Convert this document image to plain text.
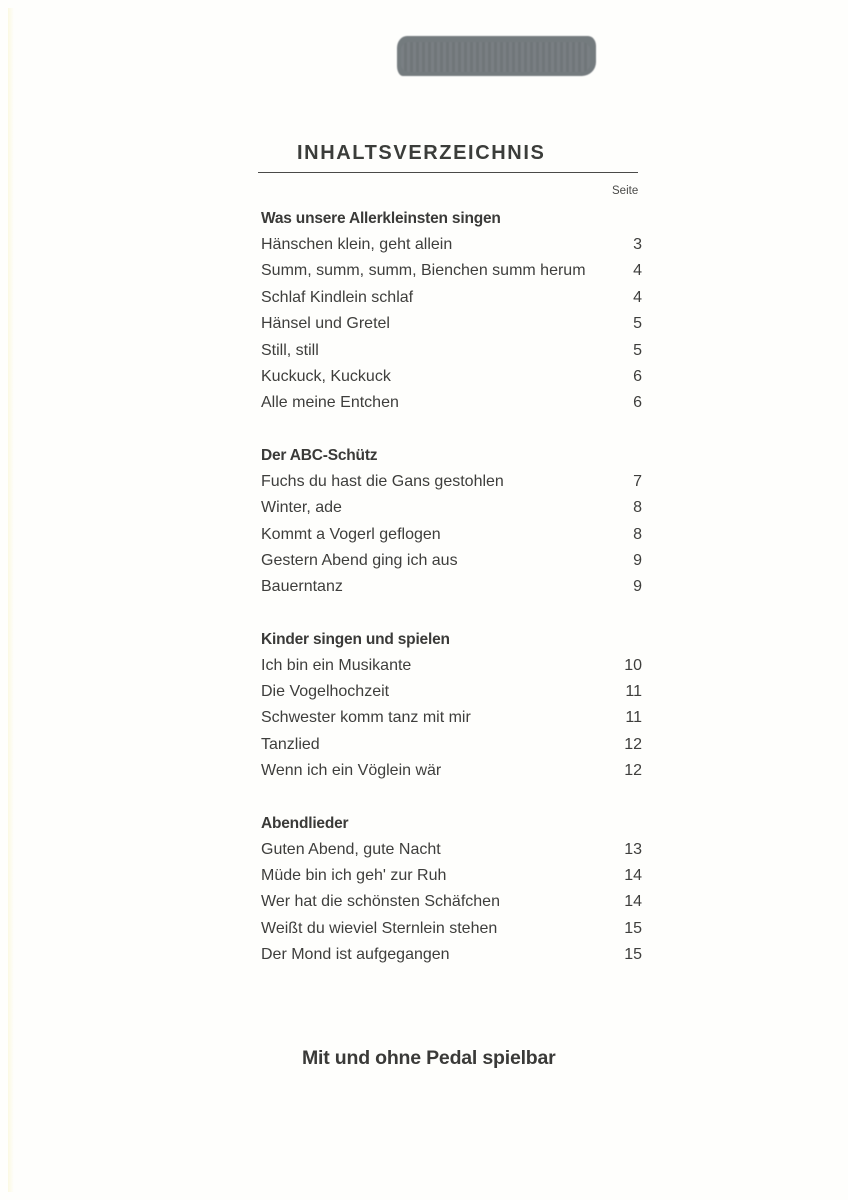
INHALTSVERZEICHNIS
Seite
Was unsere Allerkleinsten singen
Hänschen klein, geht allein	3
Summ, summ, summ, Bienchen summ herum	4
Schlaf Kindlein schlaf	4
Hänsel und Gretel	5
Still, still	5
Kuckuck, Kuckuck	6
Alle meine Entchen	6
Der ABC-Schütz
Fuchs du hast die Gans gestohlen	7
Winter, ade	8
Kommt a Vogerl geflogen	8
Gestern Abend ging ich aus	9
Bauerntanz	9
Kinder singen und spielen
Ich bin ein Musikante	10
Die Vogelhochzeit	11
Schwester komm tanz mit mir	11
Tanzlied	12
Wenn ich ein Vöglein wär	12
Abendlieder
Guten Abend, gute Nacht	13
Müde bin ich geh' zur Ruh	14
Wer hat die schönsten Schäfchen	14
Weißt du wieviel Sternlein stehen	15
Der Mond ist aufgegangen	15
Mit und ohne Pedal spielbar
